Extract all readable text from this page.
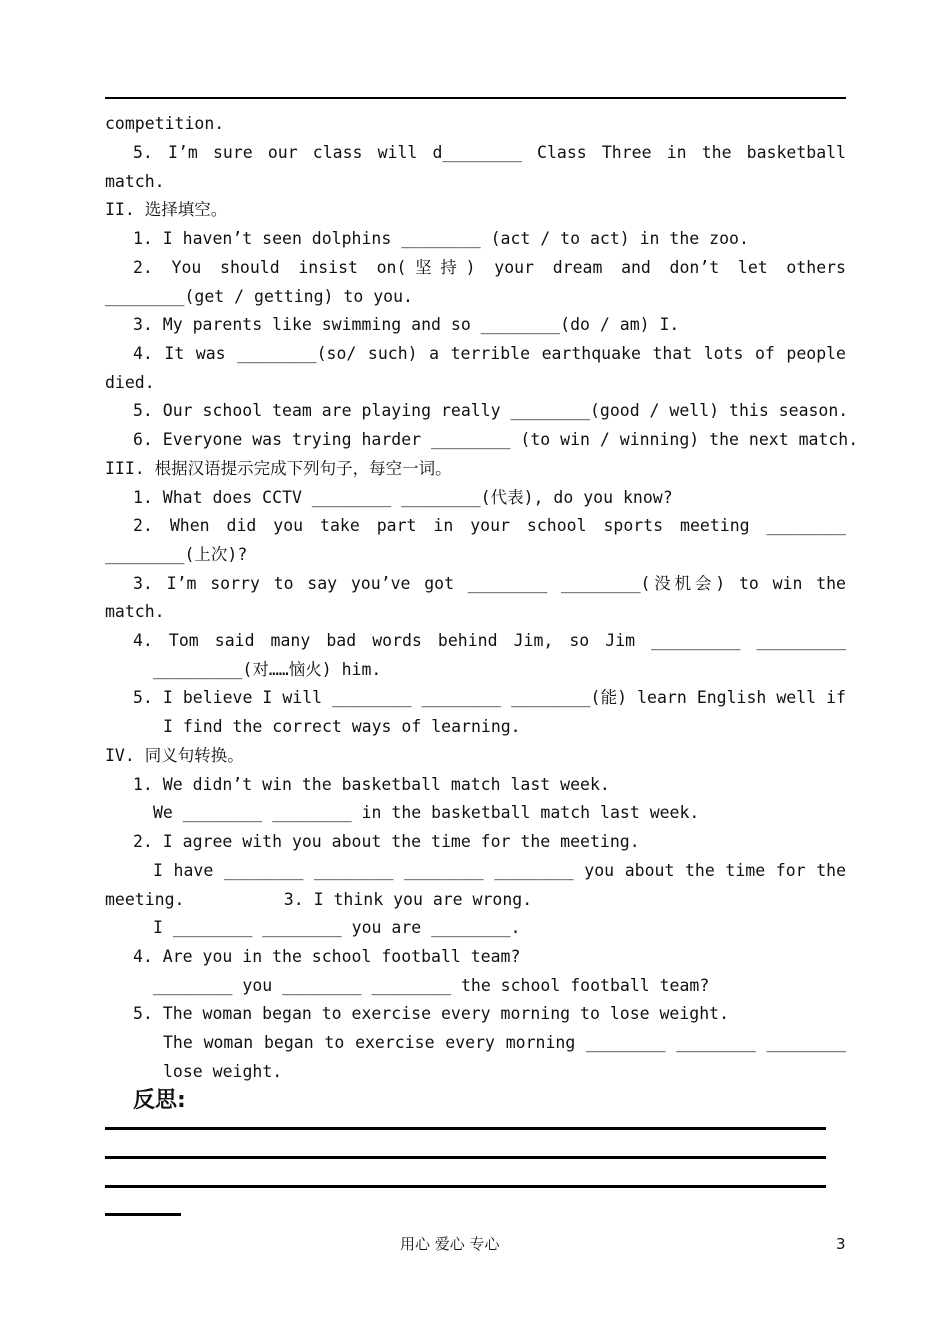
competition.
5. I’m sure our class will d________ Class Three in the basketball
match.
II. 选择填空。
1. I haven’t seen dolphins ________ (act / to act) in the zoo.
2. You should insist on(坚持) your dream and don’t let others
________(get / getting) to you.
3. My parents like swimming and so ________(do / am) I.
4. It was ________(so/ such) a terrible earthquake that lots of people
died.
5. Our school team are playing really ________(good / well) this season.
6. Everyone was trying harder ________ (to win / winning) the next match.
III. 根据汉语提示完成下列句子，每空一词。
1. What does CCTV ________ ________(代表), do you know?
2. When did you take part in your school sports meeting ________
________(上次)?
3. I’m sorry to say you’ve got ________ ________(没机会) to win the
match.
4. Tom said many bad words behind Jim, so Jim _________ _________
_________(对……恼火) him.
5. I believe I will ________ ________ ________(能) learn English well if
I find the correct ways of learning.
IV. 同义句转换。
1. We didn’t win the basketball match last week.
We ________ ________ in the basketball match last week.
2. I agree with you about the time for the meeting.
I have ________ ________ ________ ________ you about the time for the
meeting.          3. I think you are wrong.
I ________ ________ you are ________.
4. Are you in the school football team?
________ you ________ ________ the school football team?
5. The woman began to exercise every morning to lose weight.
The woman began to exercise every morning ________ ________ ________
lose weight.
反思:
用心 爱心 专心	3
